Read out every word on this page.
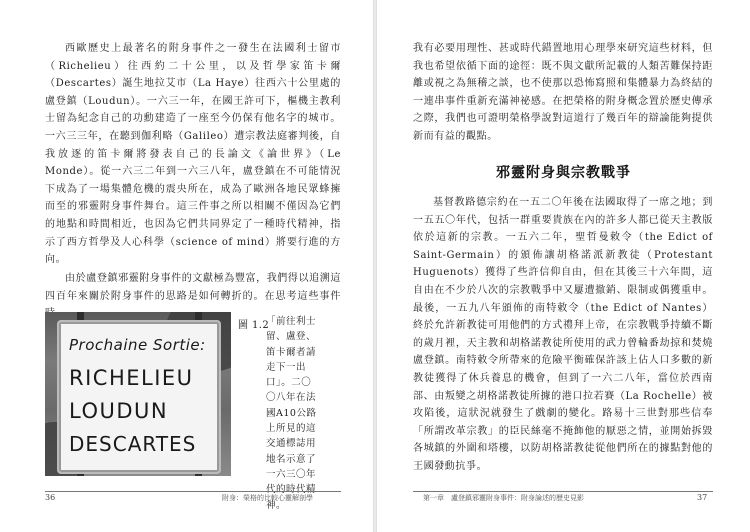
西歐歷史上最著名的附身事件之一發生在法國利士留市（Richelieu）往西約二十公里，以及哲學家笛卡爾（Descartes）誕生地拉艾市（La Haye）往西六十公里處的盧登鎮（Loudun）。一六三一年，在國王許可下，樞機主教利士留為紀念自己的功勳建造了一座至今仍保有他名字的城市。一六三三年，在聽到伽利略（Galileo）遭宗教法庭審判後，自我放逐的笛卡爾將發表自己的長論文《論世界》（Le Monde）。從一六三二年到一六三八年，盧登鎮在不可能情況下成為了一場集體危機的震央所在，成為了歐洲各地民眾蜂擁而至的邪靈附身事件舞台。這三件事之所以相關不僅因為它們的地點和時間相近，也因為它們共同界定了一種時代精神，指示了西方哲學及人心科學（science of mind）將要行進的方向。

由於盧登鎮邪靈附身事件的文獻極為豐富，我們得以追溯這四百年來關於附身事件的思路是如何轉折的。在思考這些事件

Prochaine Sortie:
RICHELIEU
LOUDUN
DESCARTES
圖 1.2

「前往利士留、盧登、笛卡爾者請走下一出口」。二〇〇八年在法國A10公路上所見的這交通標誌用地名示意了一六三〇年代的時代精神。

36	附身：榮格的比較心靈解剖學

我有必要用理性、甚或時代錯置地用心理學來研究這些材料，但我也希望依循下面的途徑：既不與文獻所記載的人類苦難保持距離或視之為無稽之談，也不使那以恐怖寫照和集體暴力為終結的一連串事件重新充滿神祕感。在把榮格的附身概念置於歷史傳承之際，我們也可證明榮格學說對這道行了幾百年的辯論能夠提供新而有益的觀點。

邪靈附身與宗教戰爭

基督教路德宗約在一五二〇年後在法國取得了一席之地；到一五五〇年代，包括一群重要貴族在內的許多人都已從天主教版依於這新的宗教。一五六二年，聖哲曼敕令（the Edict of Saint-Germain）的頒佈讓胡格諾派新教徒（Protestant Huguenots）獲得了些許信仰自由，但在其後三十六年間，這自由在不少於八次的宗教戰爭中又屢遭撤銷、限制或偶獲重申。最後，一五九八年頒佈的南特敕令（the Edict of Nantes）終於允許新教徒可用他們的方式禮拜上帝，在宗教戰爭持續不斷的歲月裡，天主教和胡格諾教徒所使用的武力曾輪番劫掠和焚燒盧登鎮。南特敕令所帶來的危險平衡確保許該上佔人口多數的新教徒獲得了休兵養息的機會，但到了一六二八年，當位於西南部、由叛變之胡格諾教徒所據的港口拉若賽（La Rochelle）被攻陷後，這狀況就發生了戲劇的變化。路易十三世對那些信奉「所謂改革宗教」的臣民絲毫不掩飾他的厭惡之情，並開始拆毀各城鎮的外圍和塔樓，以防胡格諾教徒從他們所在的據點對他的王國發動抗爭。

第一章　盧登鎮邪靈附身事件：附身論述的歷史見影	37
